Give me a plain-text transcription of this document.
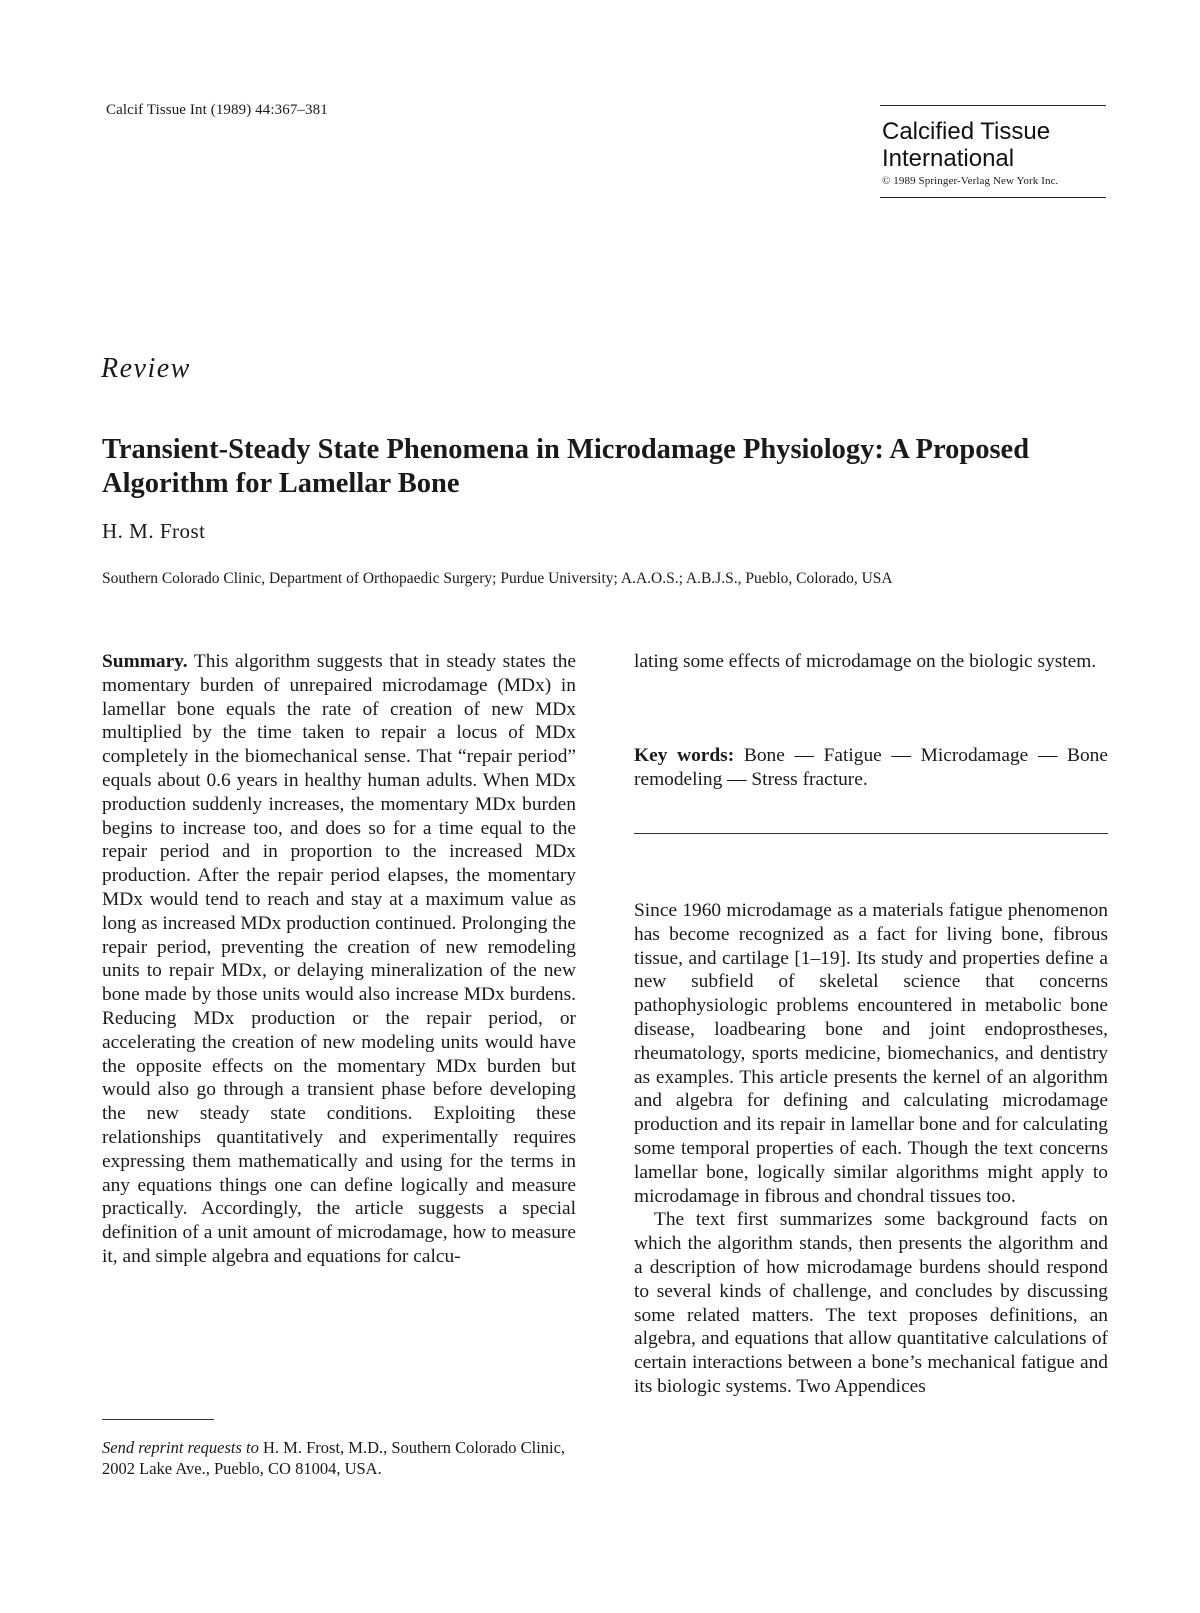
Calcif Tissue Int (1989) 44:367–381
Calcified Tissue
International
© 1989 Springer-Verlag New York Inc.
Review
Transient-Steady State Phenomena in Microdamage Physiology: A Proposed Algorithm for Lamellar Bone
H. M. Frost
Southern Colorado Clinic, Department of Orthopaedic Surgery; Purdue University; A.A.O.S.; A.B.J.S., Pueblo, Colorado, USA

Summary. This algorithm suggests that in steady states the momentary burden of unrepaired microdamage (MDx) in lamellar bone equals the rate of creation of new MDx multiplied by the time taken to repair a locus of MDx completely in the biomechanical sense. That “repair period” equals about 0.6 years in healthy human adults. When MDx production suddenly increases, the momentary MDx burden begins to increase too, and does so for a time equal to the repair period and in proportion to the increased MDx production. After the repair period elapses, the momentary MDx would tend to reach and stay at a maximum value as long as increased MDx production continued. Prolonging the repair period, preventing the creation of new remodeling units to repair MDx, or delaying mineralization of the new bone made by those units would also increase MDx burdens. Reducing MDx production or the repair period, or accelerating the creation of new modeling units would have the opposite effects on the momentary MDx burden but would also go through a transient phase before developing the new steady state conditions. Exploiting these relationships quantitatively and experimentally requires expressing them mathematically and using for the terms in any equations things one can define logically and measure practically. Accordingly, the article suggests a special definition of a unit amount of microdamage, how to measure it, and simple algebra and equations for calcu-

lating some effects of microdamage on the biologic system.

Key words: Bone — Fatigue — Microdamage — Bone remodeling — Stress fracture.

Since 1960 microdamage as a materials fatigue phenomenon has become recognized as a fact for living bone, fibrous tissue, and cartilage [1–19]. Its study and properties define a new subfield of skeletal science that concerns pathophysiologic problems encountered in metabolic bone disease, loadbearing bone and joint endoprostheses, rheumatology, sports medicine, biomechanics, and dentistry as examples. This article presents the kernel of an algorithm and algebra for defining and calculating microdamage production and its repair in lamellar bone and for calculating some temporal properties of each. Though the text concerns lamellar bone, logically similar algorithms might apply to microdamage in fibrous and chondral tissues too.

The text first summarizes some background facts on which the algorithm stands, then presents the algorithm and a description of how microdamage burdens should respond to several kinds of challenge, and concludes by discussing some related matters. The text proposes definitions, an algebra, and equations that allow quantitative calculations of certain interactions between a bone’s mechanical fatigue and its biologic systems. Two Appendices

Send reprint requests to H. M. Frost, M.D., Southern Colorado Clinic, 2002 Lake Ave., Pueblo, CO 81004, USA.
